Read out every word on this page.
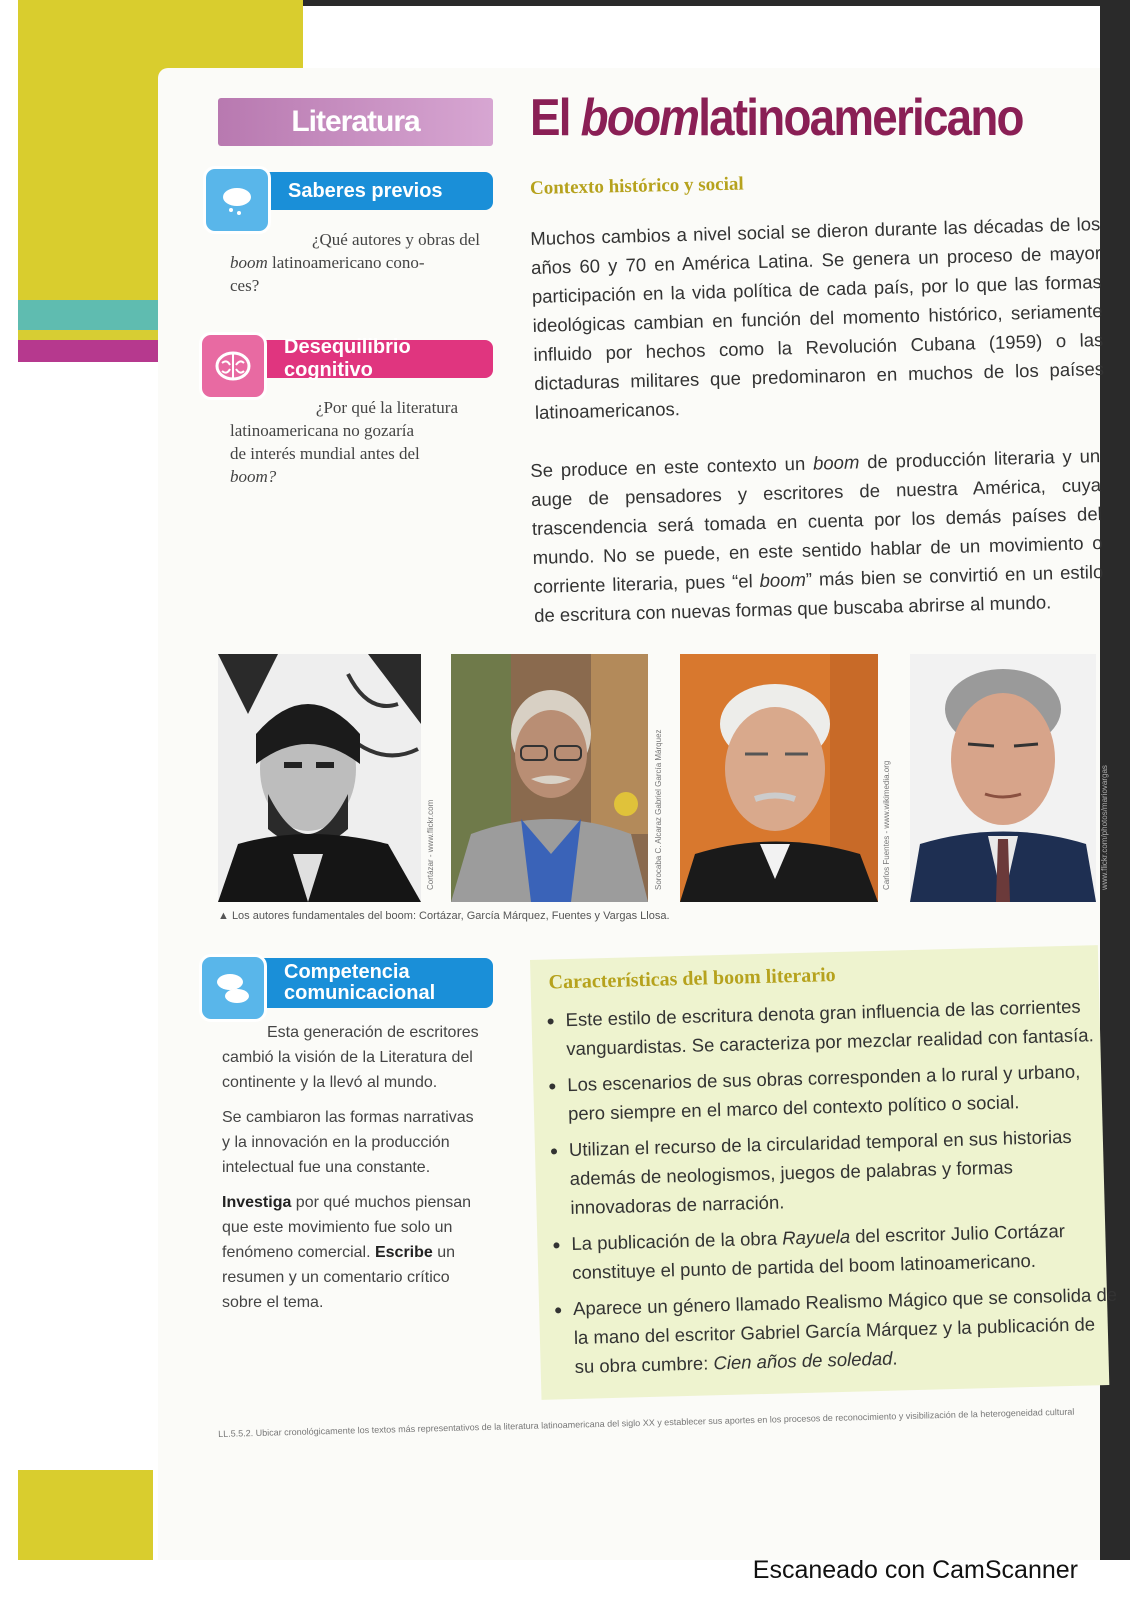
Literatura	El boomlatinoamericano
Saberes previos
¿Qué autores y obras del
boom latinoamericano cono-
ces?
Desequilibrio cognitivo
¿Por qué la literatura
latinoamericana no gozaría
de interés mundial antes del
boom?
Contexto histórico y social
Muchos cambios a nivel social se dieron durante las décadas de los años 60 y 70 en América Latina. Se genera un proceso de mayor participación en la vida política de cada país, por lo que las formas ideológicas cambian en función del momento histórico, seriamente influido por hechos como la Revolución Cubana (1959) o las dictaduras militares que predominaron en muchos de los países latinoamericanos.
Se produce en este contexto un boom de producción literaria y un auge de pensadores y escritores de nuestra América, cuya trascendencia será tomada en cuenta por los demás países del mundo. No se puede, en este sentido hablar de un movimiento o corriente literaria, pues “el boom” más bien se convirtió en un estilo de escritura con nuevas formas que buscaba abrirse al mundo.
Cortázar - www.flickr.com	Sorocaba C. Alcaraz Gabriel García Márquez	Carlos Fuentes - www.wikimedia.org	www.flickr.com/photos/mariovargas
▲ Los autores fundamentales del boom: Cortázar, García Márquez, Fuentes y Vargas Llosa.
Competencia
comunicacional

Esta generación de escritores cambió la visión de la Literatura del continente y la llevó al mundo.

Se cambiaron las formas narrativas y la innovación en la producción intelectual fue una constante.

Investiga por qué muchos piensan que este movimiento fue solo un fenómeno comercial. Escribe un resumen y un comentario crítico sobre el tema.

Características del boom literario
• Este estilo de escritura denota gran influencia de las corrientes vanguardistas. Se caracteriza por mezclar realidad con fantasía.
• Los escenarios de sus obras corresponden a lo rural y urbano, pero siempre en el marco del contexto político o social.
• Utilizan el recurso de la circularidad temporal en sus historias además de neologismos, juegos de palabras y formas innovadoras de narración.
• La publicación de la obra Rayuela del escritor Julio Cortázar constituye el punto de partida del boom latinoamericano.
• Aparece un género llamado Realismo Mágico que se consolida de la mano del escritor Gabriel García Márquez y la publicación de su obra cumbre: Cien años de soledad.
LL.5.5.2. Ubicar cronológicamente los textos más representativos de la literatura latinoamericana del siglo XX y establecer sus aportes en los procesos de reconocimiento y visibilización de la heterogeneidad cultural
Escaneado con CamScanner
